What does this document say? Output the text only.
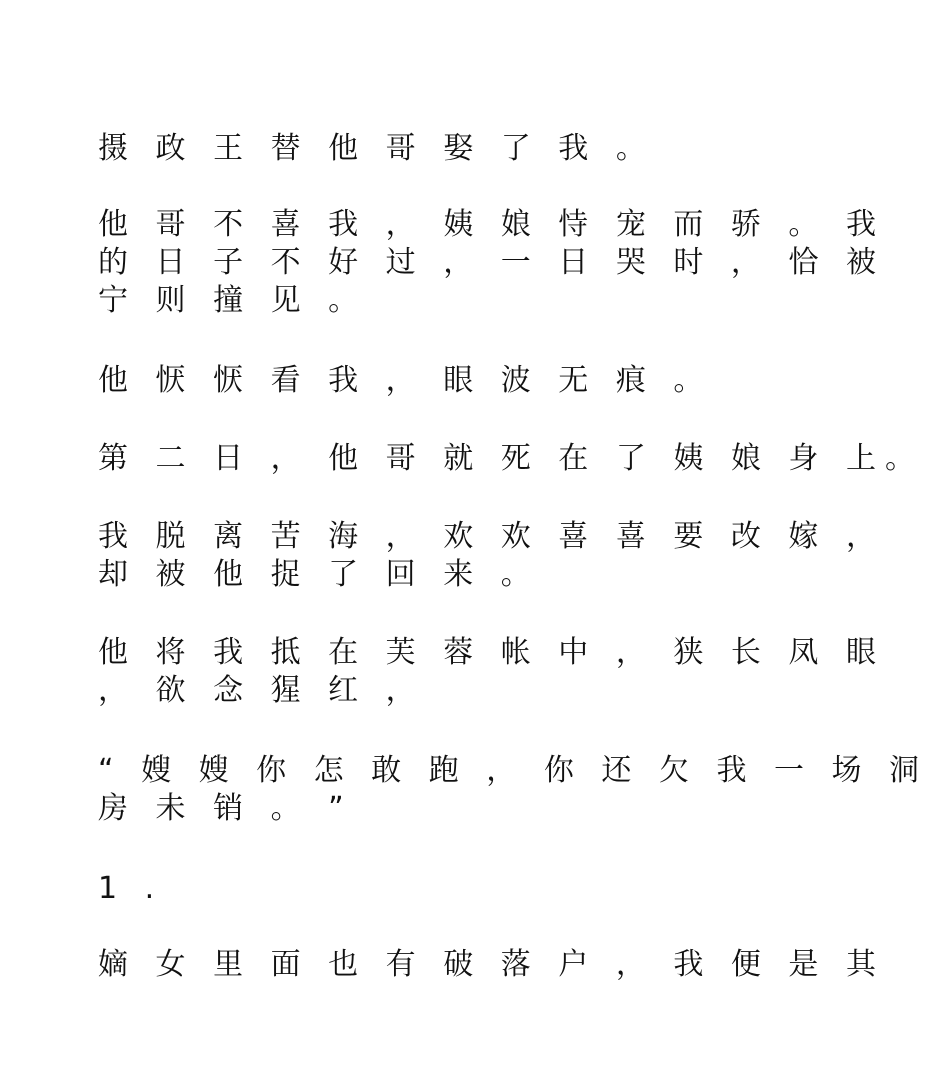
摄 政 王 替 他 哥 娶 了 我 。

他 哥 不 喜 我 ， 姨 娘 恃 宠 而 骄 。 我
的 日 子 不 好 过 ， 一 日 哭 时 ， 恰 被
宁 则 撞 见 。

他 恹 恹 看 我 ， 眼 波 无 痕 。

第 二 日 ， 他 哥 就 死 在 了 姨 娘 身 上。

我 脱 离 苦 海 ， 欢 欢 喜 喜 要 改 嫁 ，
却 被 他 捉 了 回 来 。

他 将 我 抵 在 芙 蓉 帐 中 ， 狭 长 凤 眼
， 欲 念 猩 红 ，

“ 嫂 嫂 你 怎 敢 跑 ， 你 还 欠 我 一 场 洞
房 未 销 。 ”

1 .

嫡 女 里 面 也 有 破 落 户 ， 我 便 是 其
